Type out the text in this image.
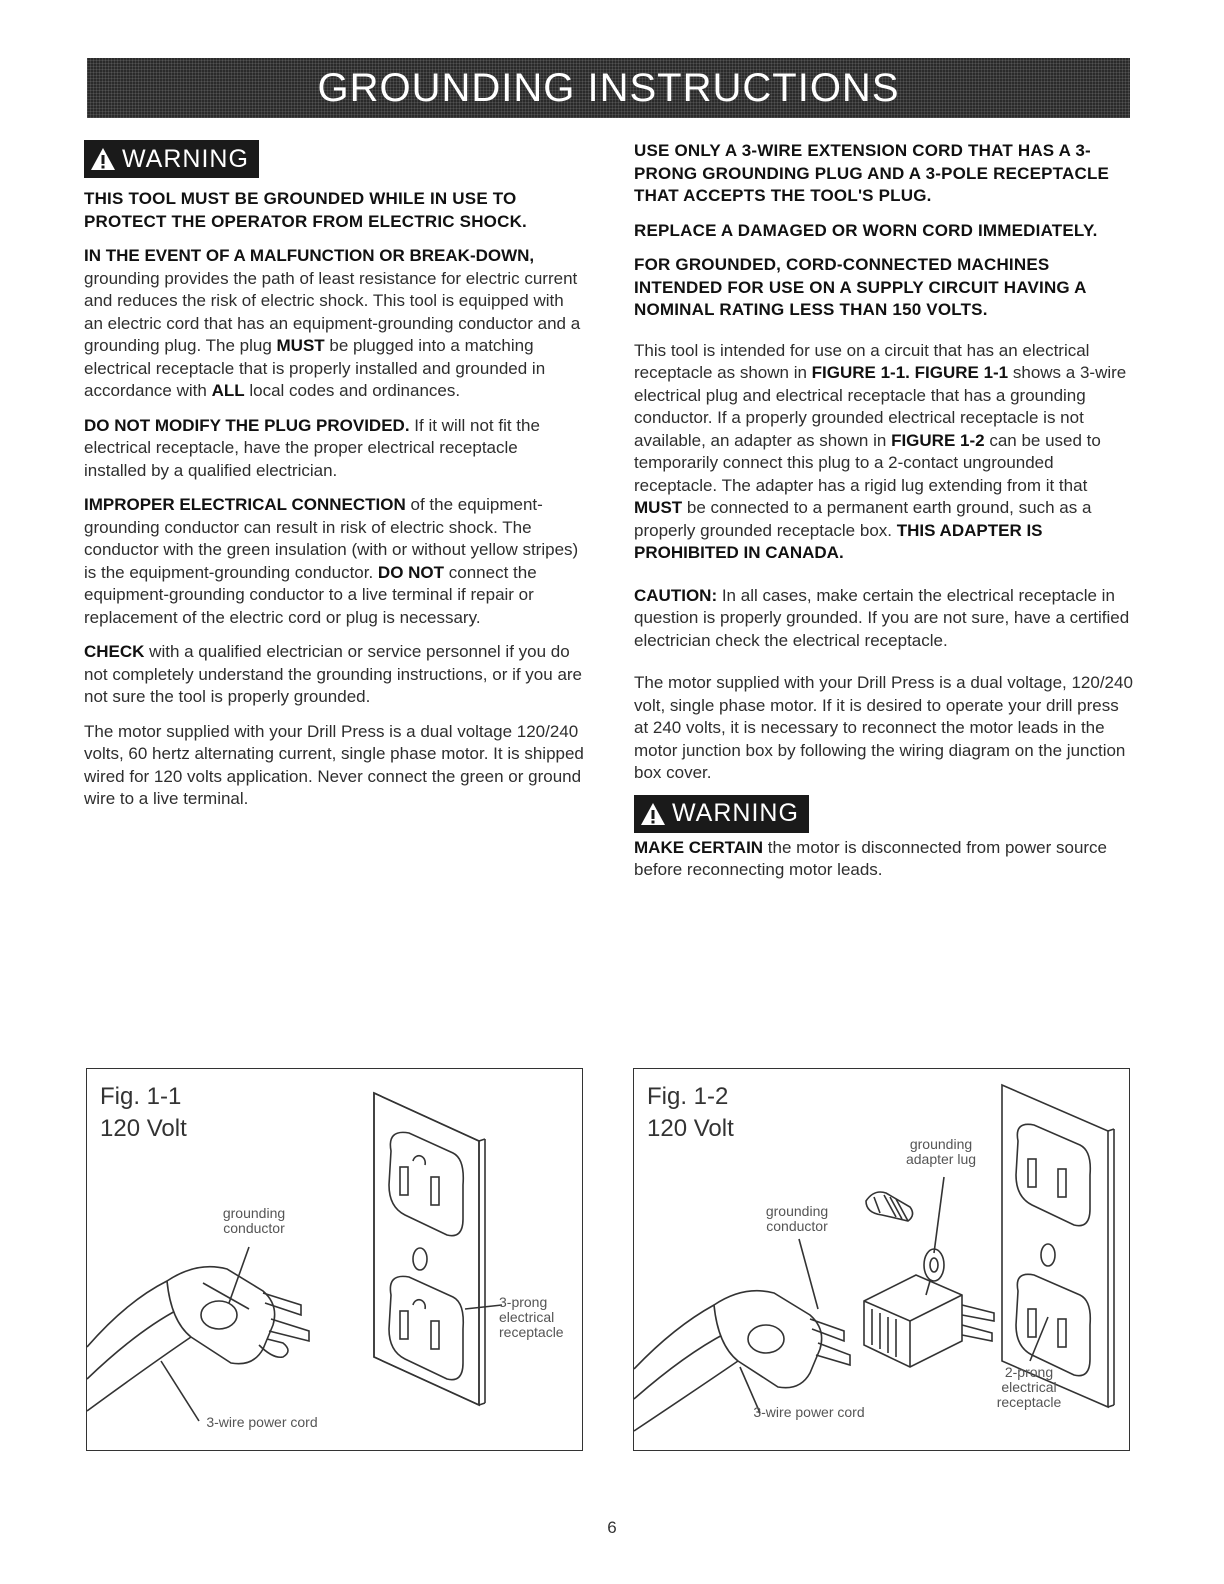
GROUNDING INSTRUCTIONS
WARNING

THIS TOOL MUST BE GROUNDED WHILE IN USE TO PROTECT THE OPERATOR FROM ELECTRIC SHOCK.

IN THE EVENT OF A MALFUNCTION OR BREAK-DOWN, grounding provides the path of least resistance for electric current and reduces the risk of electric shock. This tool is equipped with an electric cord that has an equipment-grounding conductor and a grounding plug. The plug MUST be plugged into a matching electrical receptacle that is properly installed and grounded in accordance with ALL local codes and ordinances.

DO NOT MODIFY THE PLUG PROVIDED. If it will not fit the electrical receptacle, have the proper electrical receptacle installed by a qualified electrician.

IMPROPER ELECTRICAL CONNECTION of the equipment-grounding conductor can result in risk of electric shock. The conductor with the green insulation (with or without yellow stripes) is the equipment-grounding conductor. DO NOT connect the equipment-grounding conductor to a live terminal if repair or replacement of the electric cord or plug is necessary.

CHECK with a qualified electrician or service personnel if you do not completely understand the grounding instructions, or if you are not sure the tool is properly grounded.

The motor supplied with your Drill Press is a dual voltage 120/240 volts, 60 hertz alternating current, single phase motor. It is shipped wired for 120 volts application. Never connect the green or ground wire to a live terminal.

USE ONLY A 3-WIRE EXTENSION CORD THAT HAS A 3-PRONG GROUNDING PLUG AND A 3-POLE RECEPTACLE THAT ACCEPTS THE TOOL'S PLUG.

REPLACE A DAMAGED OR WORN CORD IMMEDIATELY.

FOR GROUNDED, CORD-CONNECTED MACHINES INTENDED FOR USE ON A SUPPLY CIRCUIT HAVING A NOMINAL RATING LESS THAN 150 VOLTS.

This tool is intended for use on a circuit that has an electrical receptacle as shown in FIGURE 1-1. FIGURE 1-1 shows a 3-wire electrical plug and electrical receptacle that has a grounding conductor. If a properly grounded electrical receptacle is not available, an adapter as shown in FIGURE 1-2 can be used to temporarily connect this plug to a 2-contact ungrounded receptacle. The adapter has a rigid lug extending from it that MUST be connected to a permanent earth ground, such as a properly grounded receptacle box. THIS ADAPTER IS PROHIBITED IN CANADA.

CAUTION: In all cases, make certain the electrical receptacle in question is properly grounded. If you are not sure, have a certified electrician check the electrical receptacle.

The motor supplied with your Drill Press is a dual voltage, 120/240 volt, single phase motor. If it is desired to operate your drill press at 240 volts, it is necessary to reconnect the motor leads in the motor junction box by following the wiring diagram on the junction box cover.

WARNING

MAKE CERTAIN the motor is disconnected from power source before reconnecting motor leads.

Fig. 1-1
120 Volt
grounding
conductor
3-prong
electrical
receptacle
3-wire power cord
Fig. 1-2
120 Volt
grounding
adapter lug
grounding
conductor
2-prong
electrical
receptacle
3-wire power cord
6
